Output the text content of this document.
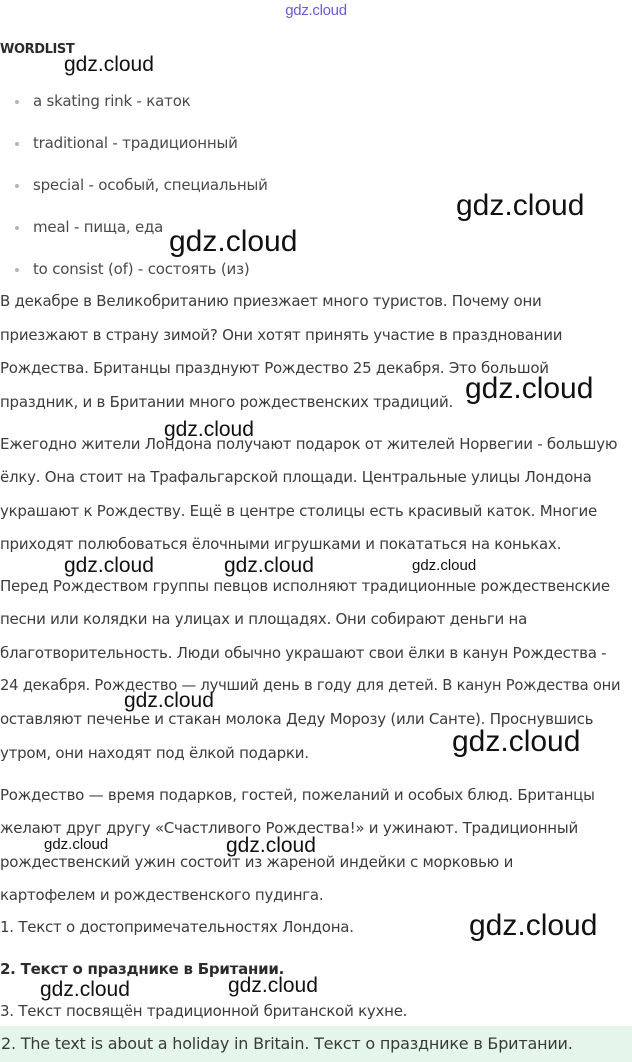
gdz.cloud
WORDLIST
a skating rink - каток
traditional - традиционный
special - особый, специальный
meal - пища, еда
to consist (of) - состоять (из)
В декабре в Великобританию приезжает много туристов. Почему они
приезжают в страну зимой? Они хотят принять участие в праздновании
Рождества. Британцы празднуют Рождество 25 декабря. Это большой
праздник, и в Британии много рождественских традиций.
Ежегодно жители Лондона получают подарок от жителей Норвегии - большую
ёлку. Она стоит на Трафальгарской площади. Центральные улицы Лондона
украшают к Рождеству. Ещё в центре столицы есть красивый каток. Многие
приходят полюбоваться ёлочными игрушками и покататься на коньках.
Перед Рождеством группы певцов исполняют традиционные рождественские
песни или колядки на улицах и площадях. Они собирают деньги на
благотворительность. Люди обычно украшают свои ёлки в канун Рождества -
24 декабря. Рождество — лучший день в году для детей. В канун Рождества они
оставляют печенье и стакан молока Деду Морозу (или Санте). Проснувшись
утром, они находят под ёлкой подарки.
Рождество — время подарков, гостей, пожеланий и особых блюд. Британцы
желают друг другу «Счастливого Рождества!» и ужинают. Традиционный
рождественский ужин состоит из жареной индейки с морковью и
картофелем и рождественского пудинга.
1. Текст о достопримечательностях Лондона.
2. Текст о празднике в Британии.
3. Текст посвящён традиционной британской кухне.
2. The text is about a holiday in Britain. Текст о празднике в Британии.
gdz.cloud
gdz.cloud
gdz.cloud
gdz.cloud
gdz.cloud
gdz.cloud	gdz.cloud	gdz.cloud
gdz.cloud
gdz.cloud
gdz.cloud	gdz.cloud
gdz.cloud
gdz.cloud
gdz.cloud
